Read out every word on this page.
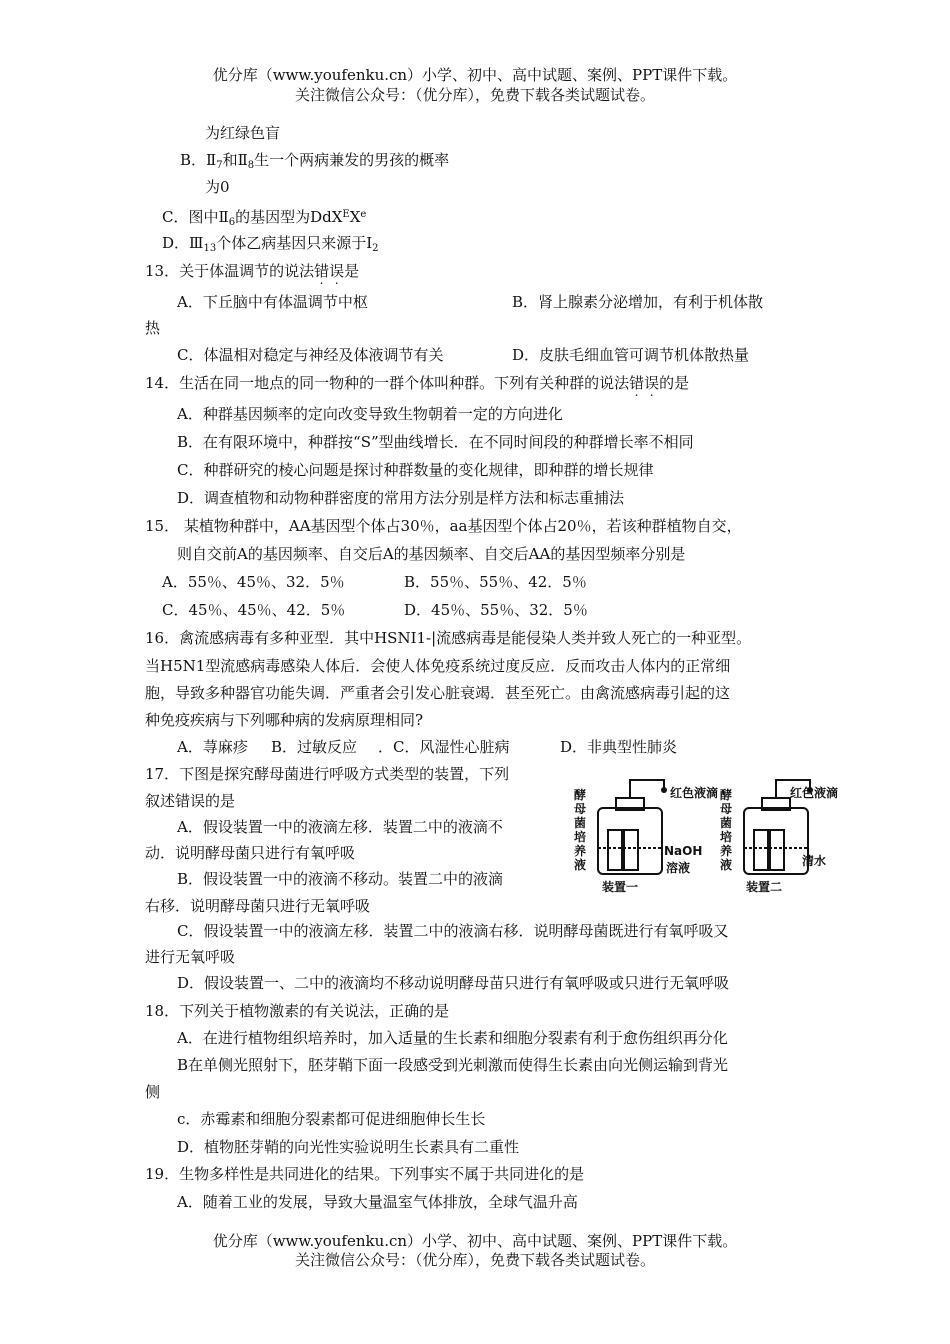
优分库（www.youfenku.cn）小学、初中、高中试题、案例、PPT课件下载。
关注微信公众号：（优分库），免费下载各类试题试卷。
为红绿色盲
B．$Ⅱ_7$和$Ⅱ_8$生一个两病兼发的男孩的概率
为0
C．图中$Ⅱ_6$的基因型为DdX$^E$Xe
D．$Ⅲ_{13}$个体乙病基因只来源于$I_2$
13．关于体温调节的说法错误是
A．下丘脑中有体温调节中枢	B．肾上腺素分泌增加，有利于机体散
热
C．体温相对稳定与神经及体液调节有关	D．皮肤毛细血管可调节机体散热量
14．生活在同一地点的同一物种的一群个体叫种群。下列有关种群的说法错误的是
A．种群基因频率的定向改变导致生物朝着一定的方向进化
B．在有限环境中，种群按“S”型曲线增长．在不同时间段的种群增长率不相同
C．种群研究的棱心问题是探讨种群数量的变化规律，即种群的增长规律
D．调查植物和动物种群密度的常用方法分别是样方法和标志重捕法
15． 某植物种群中，AA基因型个体占30％，aa基因型个体占20％，若该种群植物自交，
则自交前A的基因频率、自交后A的基因频率、自交后AA的基因型频率分别是
A．55％、45％、32．5％	B．55％、55％、42．5％
C．45％、45％、42．5％	D．45％、55％、32．5％
16．禽流感病毒有多种亚型．其中HSNI1-|流感病毒是能侵染人类并致人死亡的一种亚型。
当H5N1型流感病毒感染人体后．会使人体免疫系统过度反应．反而攻击人体内的正常细
胞，导致多种器官功能失调．严重者会引发心脏衰竭．甚至死亡。由禽流感病毒引起的这
种免疫疾病与下列哪种病的发病原理相同?
A．荨麻疹 B．过敏反应 ．C．风湿性心脏病	D．非典型性肺炎
17．下图是探究酵母菌进行呼吸方式类型的装置，下列
叙述错误的是
A．假设装置一中的液滴左移．装置二中的液滴不
动．说明酵母菌只进行有氧呼吸
B．假设装置一中的液滴不移动。装置二中的液滴
右移．说明酵母菌只进行无氧呼吸
C．假设装置一中的液滴左移．装置二中的液滴右移．说明酵母菌既进行有氧呼吸又
进行无氧呼吸
D．假设装置一、二中的液滴均不移动说明酵母苗只进行有氧呼吸或只进行无氧呼吸
酵母菌培养液
红色液滴
NaOH
溶液
装置一
酵母菌培养液
红色液滴
清水
装置二
18．下列关于植物激素的有关说法，正确的是
A．在进行植物组织培养时，加入适量的生长素和细胞分裂素有利于愈伤组织再分化
B在单侧光照射下，胚芽鞘下面一段感受到光刺激而使得生长素由向光侧运输到背光
侧
c．赤霉素和细胞分裂素都可促进细胞伸长生长
D．植物胚芽鞘的向光性实验说明生长素具有二重性
19．生物多样性是共同进化的结果。下列事实不属于共同进化的是
A．随着工业的发展，导致大量温室气体排放，全球气温升高
优分库（www.youfenku.cn）小学、初中、高中试题、案例、PPT课件下载。
关注微信公众号：（优分库），免费下载各类试题试卷。
